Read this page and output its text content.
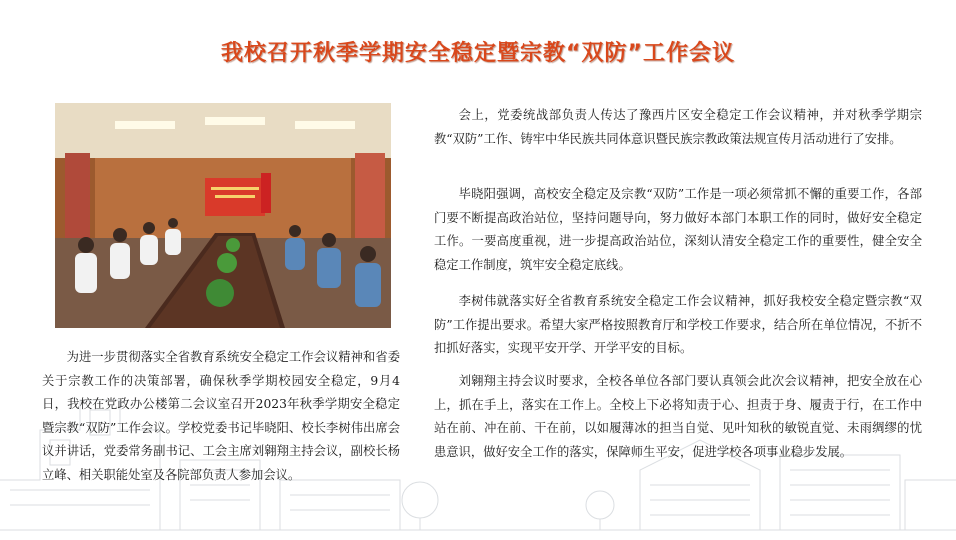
我校召开秋季学期安全稳定暨宗教“双防”工作会议

为进一步贯彻落实全省教育系统安全稳定工作会议精神和省委关于宗教工作的决策部署，确保秋季学期校园安全稳定，9月4日，我校在党政办公楼第二会议室召开2023年秋季学期安全稳定暨宗教“双防”工作会议。学校党委书记毕晓阳、校长李树伟出席会议并讲话，党委常务副书记、工会主席刘翱翔主持会议，副校长杨立峰、相关职能处室及各院部负责人参加会议。

会上，党委统战部负责人传达了豫西片区安全稳定工作会议精神，并对秋季学期宗教“双防”工作、铸牢中华民族共同体意识暨民族宗教政策法规宣传月活动进行了安排。

毕晓阳强调，高校安全稳定及宗教“双防”工作是一项必须常抓不懈的重要工作，各部门要不断提高政治站位，坚持问题导向，努力做好本部门本职工作的同时，做好安全稳定工作。一要高度重视，进一步提高政治站位，深刻认清安全稳定工作的重要性，健全安全稳定工作制度，筑牢安全稳定底线。

李树伟就落实好全省教育系统安全稳定工作会议精神，抓好我校安全稳定暨宗教“双防”工作提出要求。希望大家严格按照教育厅和学校工作要求，结合所在单位情况，不折不扣抓好落实，实现平安开学、开学平安的目标。

刘翱翔主持会议时要求，全校各单位各部门要认真领会此次会议精神，把安全放在心上，抓在手上，落实在工作上。全校上下必将知责于心、担责于身、履责于行，在工作中站在前、冲在前、干在前，以如履薄冰的担当自觉、见叶知秋的敏锐直觉、未雨绸缪的忧患意识，做好安全工作的落实，保障师生平安，促进学校各项事业稳步发展。
